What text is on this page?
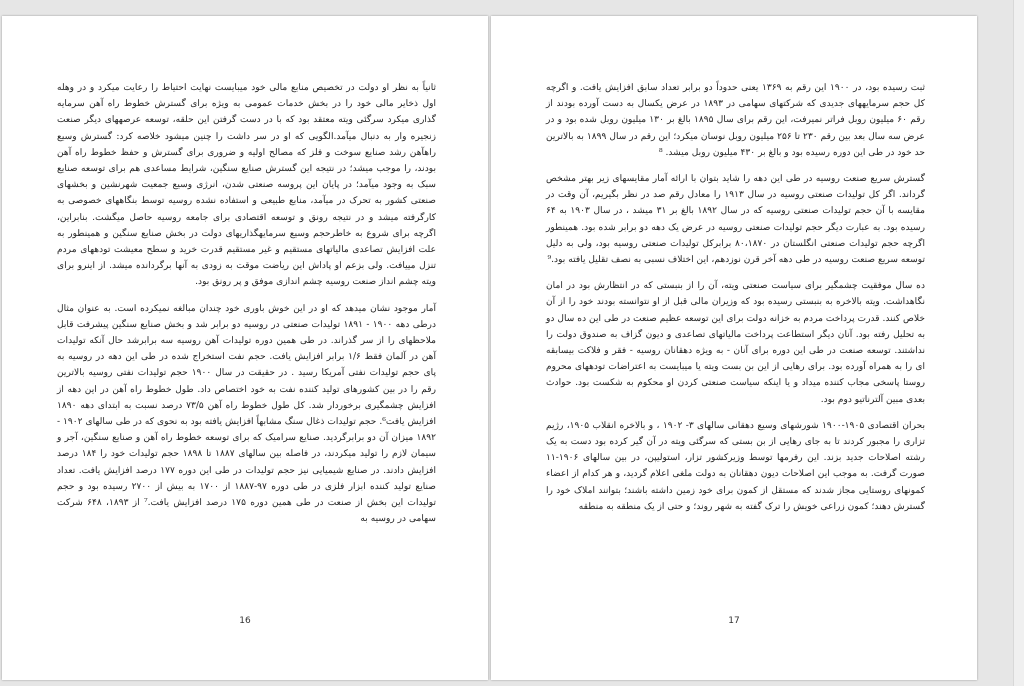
ثانیاً به نظر او دولت در تخصیص منابع مالی خود میبایست نهایت احتیاط را رعایت میکرد و در وهله اول ذخایر مالی خود را در بخش خدمات عمومی به ویژه برای گسترش خطوط راه آهن سرمایه گذاری میکرد سرگئی ویته معتقد بود که با در دست گرفتن این حلقه، توسعه عرصههای دیگر صنعت زنجیره وار به دنبال میآمد.الگویی که او در سر داشت را چنین میشود خلاصه کرد: گسترش وسیع راهآهن رشد صنایع سوخت و فلز که مصالح اولیه و ضروری برای گسترش و حفظ خطوط راه آهن بودند، را موجب میشد؛ در نتیجه این گسترش صنایع سنگین، شرایط مساعدی هم برای توسعه صنایع سبک به وجود میآمد؛ در پایان این پروسه صنعتی شدن، انرژی وسیع جمعیت شهرنشین و بخشهای صنعتی کشور به تحرک در میآمد، منابع طبیعی و استفاده نشده روسیه توسط بنگاههای خصوصی به کارگرفته میشد و در نتیجه رونق و توسعه اقتصادی برای جامعه روسیه حاصل میگشت. بنابراین، اگرچه برای شروع به خاطرحجم وسیع سرمایهگذاریهای دولت در بخش صنایع سنگین و همینطور به علت افزایش تصاعدی مالیاتهای مستقیم و غیر مستقیم قدرت خرید و سطح معیشت تودههای مردم تنزل مییافت. ولی بزعم او پاداش این ریاضت موقت به زودی به آنها برگردانده میشد. از اینرو برای ویته چشم انداز صنعت روسیه چشم اندازی موفق و پر رونق بود.

آمار موجود نشان میدهد که او در این خوش باوری خود چندان مبالغه نمیکرده است. به عنوان مثال درطی دهه ۱۹۰۰ - ۱۸۹۱ تولیدات صنعتی در روسیه دو برابر شد و بخش صنایع سنگین پیشرفت قابل ملاحظهای را از سر گذراند. در طی همین دوره تولیدات آهن روسیه سه برابرشد حال آنکه تولیدات آهن در آلمان فقط ۱/۶ برابر افزایش یافت. حجم نفت استخراج شده در طی این دهه در روسیه به پای حجم تولیدات نفتی آمریکا رسید . در حقیقت در سال ۱۹۰۰ حجم تولیدات نفتی روسیه بالاترین رقم را در بین کشورهای تولید کننده نفت به خود اختصاص داد. طول خطوط راه آهن در این دهه از افزایش چشمگیری برخوردار شد. کل طول خطوط راه آهن ۷۳/۵ درصد نسبت به ابتدای دهه ۱۸۹۰ افزایش یافت⁶. حجم تولیدات ذغال سنگ مشابهاً افزایش یافته بود به نحوی که در طی سالهای ۱۹۰۲ - ۱۸۹۲ میزان آن دو برابرگردید. صنایع سرامیک که برای توسعه خطوط راه آهن و صنایع سنگین، آجر و سیمان لازم را تولید میکردند، در فاصله بین سالهای ۱۸۸۷ تا ۱۸۹۸ حجم تولیدات خود را ۱۸۴ درصد افزایش دادند. در صنایع شیمیایی نیز حجم تولیدات در طی این دوره ۱۷۷ درصد افزایش یافت. تعداد صنایع تولید کننده ابزار فلزی در طی دوره ۹۷-۱۸۸۷ از ۱۷۰۰ به بیش از ۲۷۰۰ رسیده بود و حجم تولیدات این بخش از صنعت در طی همین دوره ۱۷۵ درصد افزایش یافت.⁷ از ۱۸۹۳، ۶۴۸ شرکت سهامی در روسیه به

16

ثبت رسیده بود، در ۱۹۰۰ این رقم به ۱۳۶۹ یعنی حدوداً دو برابر تعداد سابق افزایش یافت. و اگرچه کل حجم سرمایههای جدیدی که شرکتهای سهامی در ۱۸۹۳ در عرض یکسال به دست آورده بودند از رقم ۶۰ میلیون روبل فراتر نمیرفت، این رقم برای سال ۱۸۹۵ بالغ بر ۱۳۰ میلیون روبل شده بود و در عرض سه سال بعد بین رقم ۲۳۰ تا ۲۵۶ میلیون روبل نوسان میکرد؛ این رقم در سال ۱۸۹۹ به بالاترین حد خود در طی این دوره رسیده بود و بالغ بر ۴۳۰ میلیون روبل میشد. ⁸

گسترش سریع صنعت روسیه در طی این دهه را شاید بتوان با ارائه آمار مقایسهای زیر بهتر مشخص گرداند. اگر کل تولیدات صنعتی روسیه در سال ۱۹۱۳ را معادل رقم صد در نظر بگیریم، آن وقت در مقایسه با آن حجم تولیدات صنعتی روسیه که در سال ۱۸۹۲ بالغ بر ۳۱ میشد ، در سال ۱۹۰۳ به ۶۴ رسیده بود. به عبارت دیگر حجم تولیدات صنعتی روسیه در عرض یک دهه دو برابر شده بود. همینطور اگرچه حجم تولیدات صنعتی انگلستان در ۸۰،۱۸۷۰ برابرکل تولیدات صنعتی روسیه بود، ولی به دلیل توسعه سریع صنعت روسیه در طی دهه آخر قرن نوزدهم، این اختلاف نسبی به نصف تقلیل یافته بود.⁹

ده سال موفقیت چشمگیر برای سیاست صنعتی ویته، آن را از بنبستی که در انتظارش بود در امان نگاهداشت. ویته بالاخره به بنبستی رسیده بود که وزیران مالی قبل از او نتوانسته بودند خود را از آن خلاص کنند. قدرت پرداخت مردم به خزانه دولت برای این توسعه عظیم صنعت در طی این ده سال دو به تحلیل رفته بود. آنان دیگر استطاعت پرداخت مالیاتهای تصاعدی و دیون گزاف به صندوق دولت را نداشتند. توسعه صنعت در طی این دوره برای آنان - به ویژه دهقانان روسیه - فقر و فلاکت بیسابقه ای را به همراه آورده بود. برای رهایی از این بن بست ویته یا میبایست به اعتراضات تودههای محروم روستا پاسخی مجاب کننده میداد و یا اینکه سیاست صنعتی کردن او محکوم به شکست بود. حوادث بعدی مبین آلترناتیو دوم بود.

بحران اقتصادی ۱۹۰۵-۱۹۰۰ شورشهای وسیع دهقانی سالهای ۳- ۱۹۰۲ ، و بالاخره انقلاب ۱۹۰۵، رژیم تزاری را مجبور کردند تا به جای رهایی از بن بستی که سرگئی ویته در آن گیر کرده بود دست به یک رشته اصلاحات جدید بزند. این رفرمها توسط وزیرکشور تزار، استولیپن، در بین سالهای ۱۹۰۶-۱۱ صورت گرفت. به موجب این اصلاحات دیون دهقانان به دولت ملغی اعلام گردید، و هر کدام از اعضاء کمونهای روستایی مجاز شدند که مستقل از کمون برای خود زمین داشته باشند؛ بتوانند املاک خود را گسترش دهند؛ کمون زراعی خویش را ترک گفته به شهر روند؛ و حتی از یک منطقه به منطقه

17
